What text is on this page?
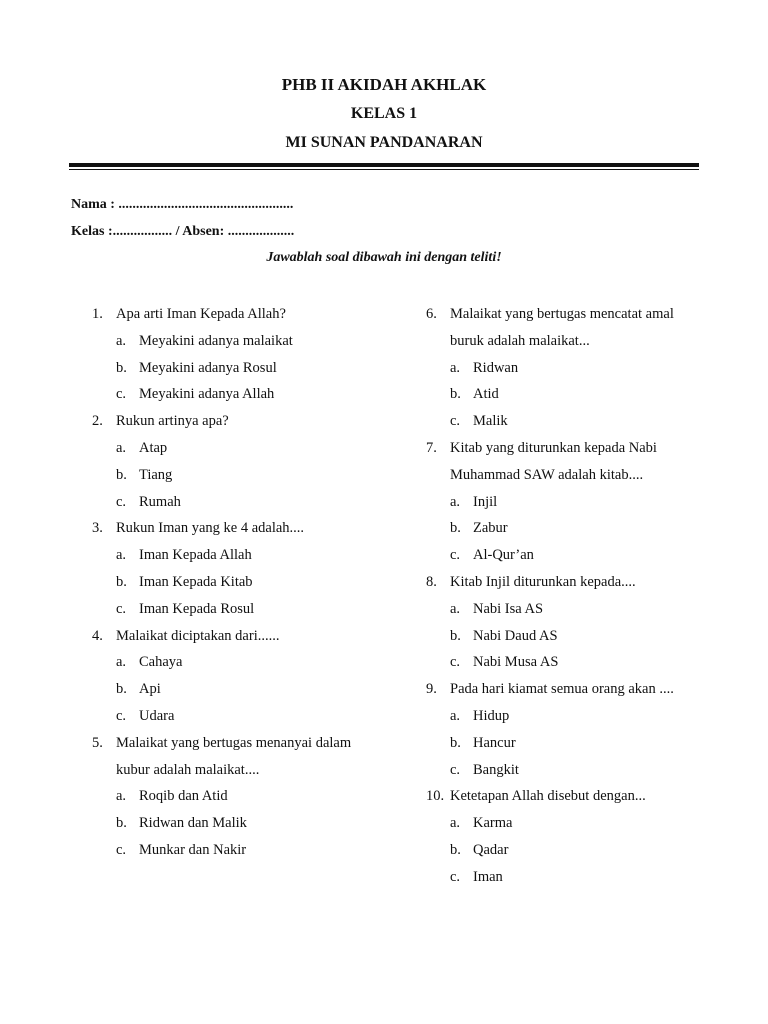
PHB II AKIDAH AKHLAK
KELAS 1
MI SUNAN PANDANARAN
Nama : ..................................................
Kelas :................. / Absen: ...................
Jawablah soal dibawah ini dengan teliti!
1. Apa arti Iman Kepada Allah?
a. Meyakini adanya malaikat
b. Meyakini adanya Rosul
c. Meyakini adanya Allah
2. Rukun artinya apa?
a. Atap
b. Tiang
c. Rumah
3. Rukun Iman yang ke 4 adalah....
a. Iman Kepada Allah
b. Iman Kepada Kitab
c. Iman Kepada Rosul
4. Malaikat diciptakan dari......
a. Cahaya
b. Api
c. Udara
5. Malaikat yang bertugas menanyai dalam
kubur adalah malaikat....
a. Roqib dan Atid
b. Ridwan dan Malik
c. Munkar dan Nakir
6. Malaikat yang bertugas mencatat amal
buruk adalah malaikat...
a. Ridwan
b. Atid
c. Malik
7. Kitab yang diturunkan kepada Nabi
Muhammad SAW adalah kitab....
a. Injil
b. Zabur
c. Al-Qur’an
8. Kitab Injil diturunkan kepada....
a. Nabi Isa AS
b. Nabi Daud AS
c. Nabi Musa AS
9. Pada hari kiamat semua orang akan ....
a. Hidup
b. Hancur
c. Bangkit
10. Ketetapan Allah disebut dengan...
a. Karma
b. Qadar
c. Iman
